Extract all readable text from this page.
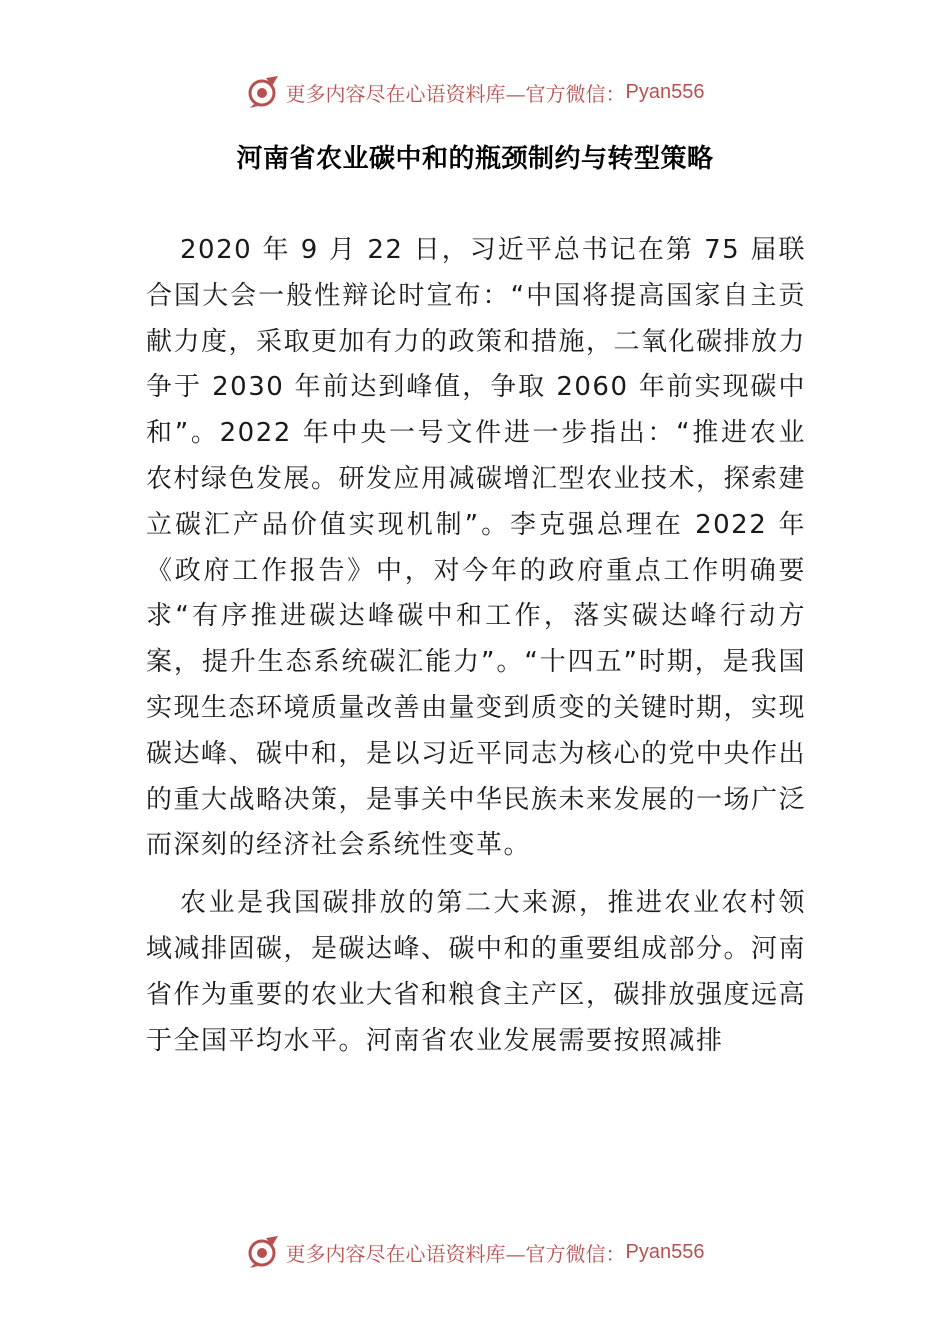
更多内容尽在心语资料库—官方微信： Pyan556
河南省农业碳中和的瓶颈制约与转型策略

2020 年 9 月 22 日，习近平总书记在第 75 届联合国大会一般性辩论时宣布：“中国将提高国家自主贡献力度，采取更加有力的政策和措施，二氧化碳排放力争于 2030 年前达到峰值，争取 2060 年前实现碳中和”。2022 年中央一号文件进一步指出：“推进农业农村绿色发展。研发应用减碳增汇型农业技术，探索建立碳汇产品价值实现机制”。李克强总理在 2022 年《政府工作报告》中，对今年的政府重点工作明确要求“有序推进碳达峰碳中和工作，落实碳达峰行动方案，提升生态系统碳汇能力”。“十四五”时期，是我国实现生态环境质量改善由量变到质变的关键时期，实现碳达峰、碳中和，是以习近平同志为核心的党中央作出的重大战略决策，是事关中华民族未来发展的一场广泛而深刻的经济社会系统性变革。

农业是我国碳排放的第二大来源，推进农业农村领域减排固碳，是碳达峰、碳中和的重要组成部分。河南省作为重要的农业大省和粮食主产区，碳排放强度远高于全国平均水平。河南省农业发展需要按照减排

更多内容尽在心语资料库—官方微信： Pyan556
